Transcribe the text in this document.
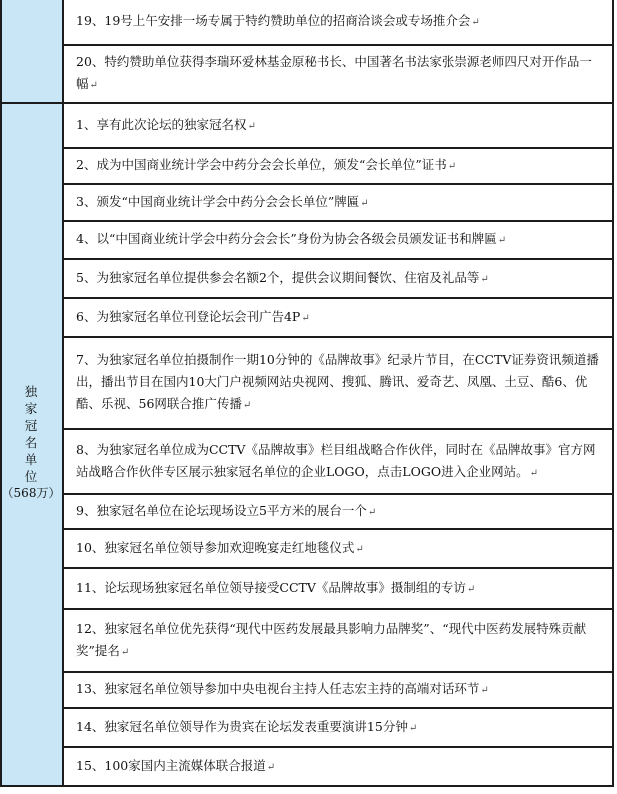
独
家
冠
名
单
位
（568万）
19、19号上午安排一场专属于特约赞助单位的招商洽谈会或专场推介会↵
20、特约赞助单位获得李瑞环爱林基金原秘书长、中国著名书法家张崇源老师四尺对开作品一幅↵
1、享有此次论坛的独家冠名权↵
2、成为中国商业统计学会中药分会会长单位，颁发“会长单位”证书↵
3、颁发“中国商业统计学会中药分会会长单位”牌匾↵
4、以“中国商业统计学会中药分会会长”身份为协会各级会员颁发证书和牌匾↵
5、为独家冠名单位提供参会名额2个，提供会议期间餐饮、住宿及礼品等↵
6、为独家冠名单位刊登论坛会刊广告4P↵
7、为独家冠名单位拍摄制作一期10分钟的《品牌故事》纪录片节目，在CCTV证券资讯频道播出，播出节目在国内10大门户视频网站央视网、搜狐、腾讯、爱奇艺、凤凰、土豆、酷6、优酷、乐视、56网联合推广传播↵
8、为独家冠名单位成为CCTV《品牌故事》栏目组战略合作伙伴，同时在《品牌故事》官方网站战略合作伙伴专区展示独家冠名单位的企业LOGO，点击LOGO进入企业网站。↵
9、独家冠名单位在论坛现场设立5平方米的展台一个↵
10、独家冠名单位领导参加欢迎晚宴走红地毯仪式↵
11、论坛现场独家冠名单位领导接受CCTV《品牌故事》摄制组的专访↵
12、独家冠名单位优先获得“现代中医药发展最具影响力品牌奖”、“现代中医药发展特殊贡献奖”提名↵
13、独家冠名单位领导参加中央电视台主持人任志宏主持的高端对话环节↵
14、独家冠名单位领导作为贵宾在论坛发表重要演讲15分钟↵
15、100家国内主流媒体联合报道↵
